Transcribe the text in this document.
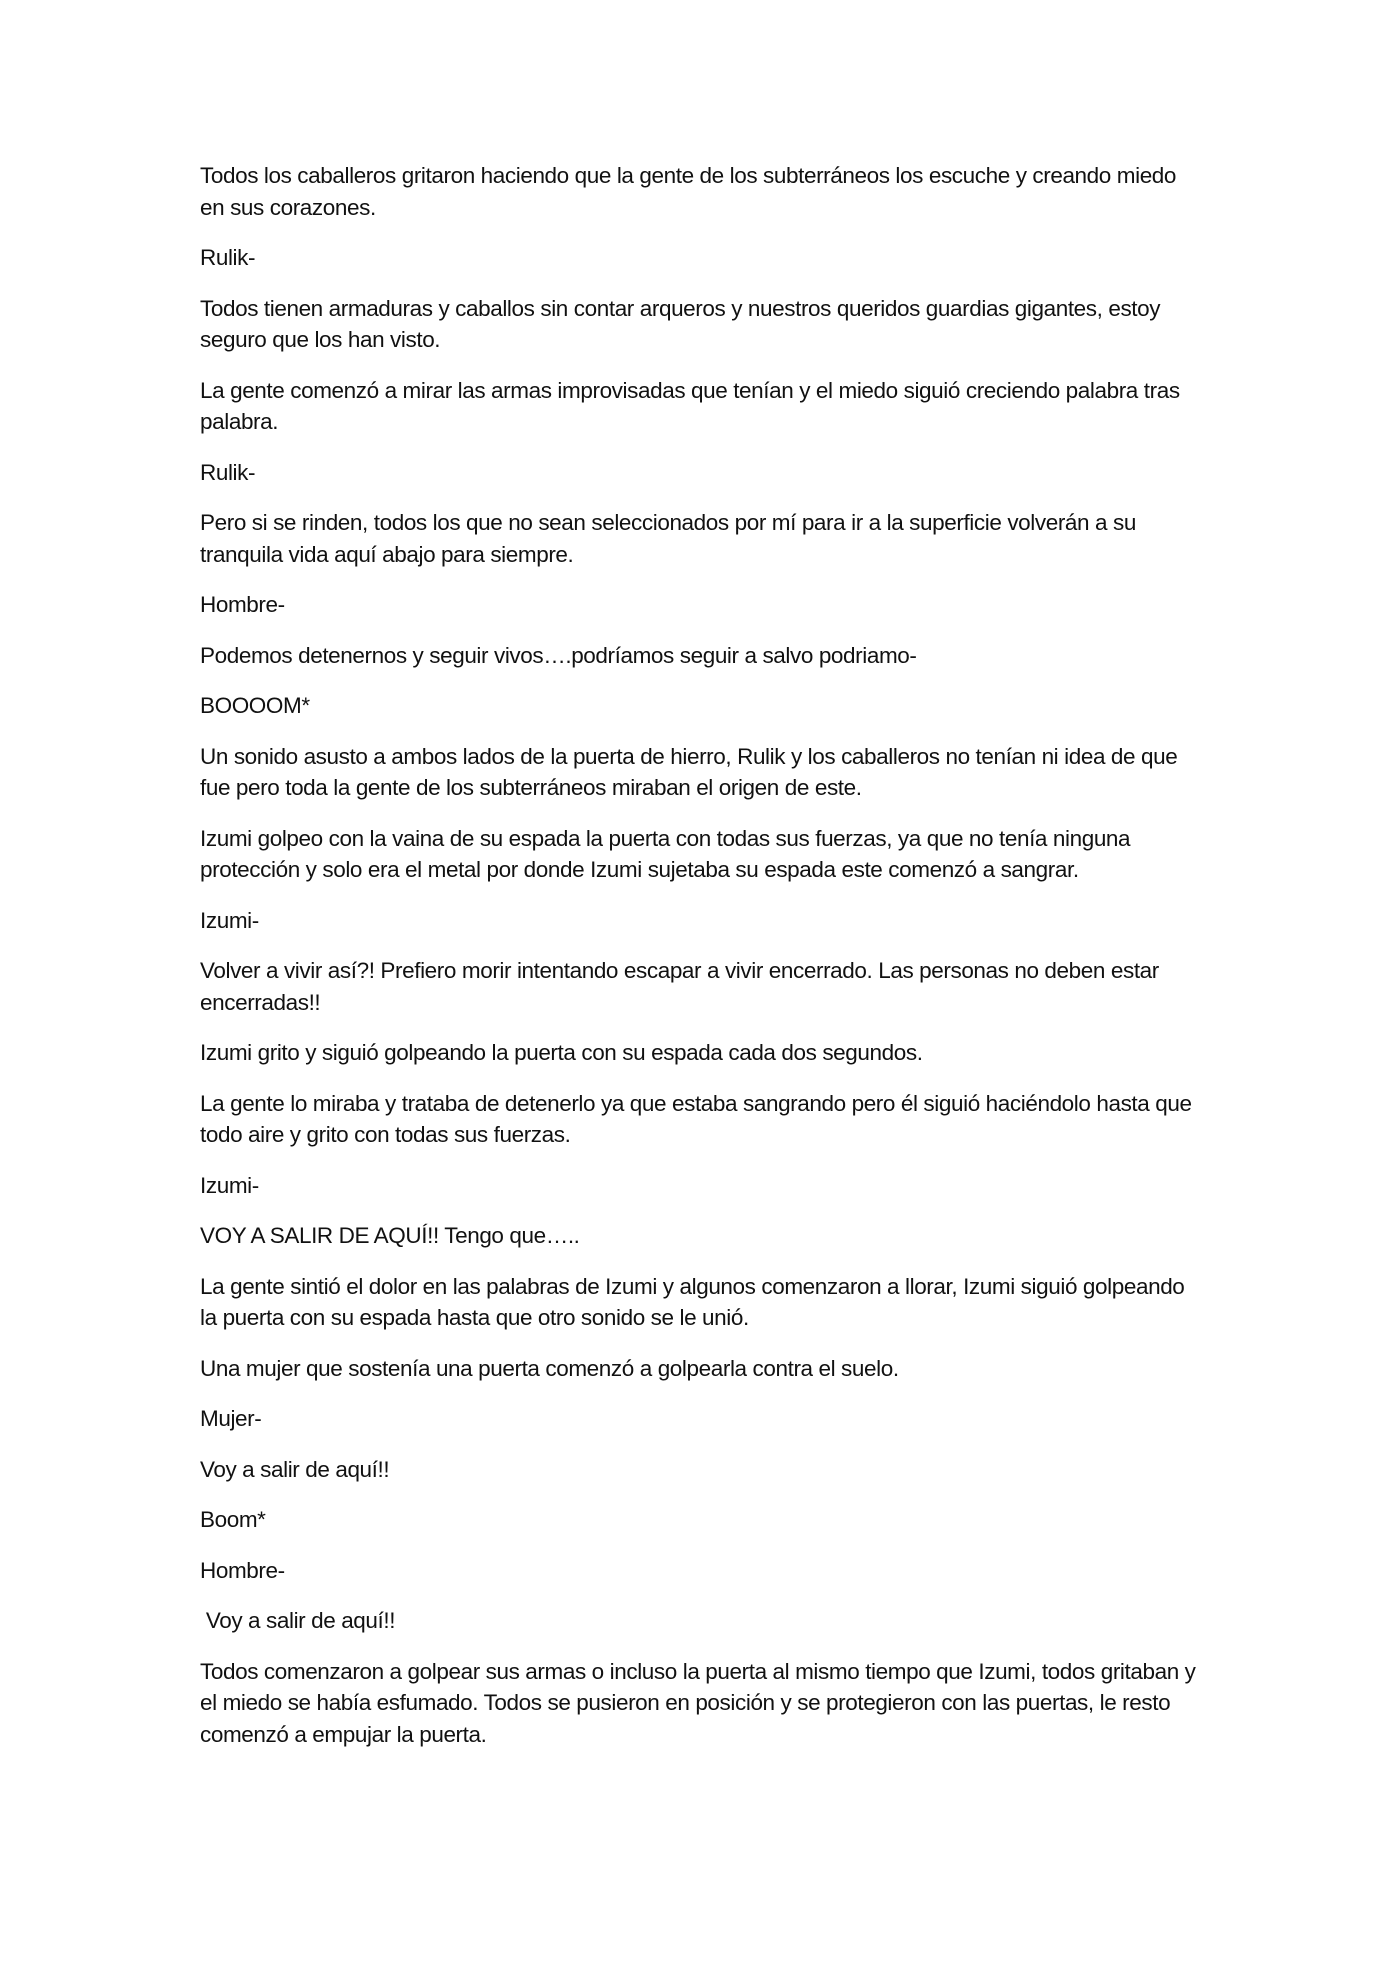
Todos los caballeros gritaron haciendo que la gente de los subterráneos los escuche y creando miedo en sus corazones.

Rulik-

Todos tienen armaduras y caballos sin contar arqueros y nuestros queridos guardias gigantes, estoy seguro que los han visto.

La gente comenzó a mirar las armas improvisadas que tenían y el miedo siguió creciendo palabra tras palabra.

Rulik-

Pero si se rinden, todos los que no sean seleccionados por mí para ir a la superficie volverán a su tranquila vida aquí abajo para siempre.

Hombre-

Podemos detenernos y seguir vivos….podríamos seguir a salvo podriamo-

BOOOOM*

Un sonido asusto a ambos lados de la puerta de hierro, Rulik y los caballeros no tenían ni idea de que fue pero toda la gente de los subterráneos miraban el origen de este.

Izumi golpeo con la vaina de su espada la puerta con todas sus fuerzas, ya que no tenía ninguna protección y solo era el metal por donde Izumi sujetaba su espada este comenzó a sangrar.

Izumi-

Volver a vivir así?! Prefiero morir intentando escapar a vivir encerrado. Las personas no deben estar encerradas!!

Izumi grito y siguió golpeando la puerta con su espada cada dos segundos.

La gente lo miraba y trataba de detenerlo ya que estaba sangrando pero él siguió haciéndolo hasta que todo aire y grito con todas sus fuerzas.

Izumi-

VOY A SALIR DE AQUÍ!! Tengo que…..

La gente sintió el dolor en las palabras de Izumi y algunos comenzaron a llorar, Izumi siguió golpeando la puerta con su espada hasta que otro sonido se le unió.

Una mujer que sostenía una puerta comenzó a golpearla contra el suelo.

Mujer-

Voy a salir de aquí!!

Boom*

Hombre-

Voy a salir de aquí!!

Todos comenzaron a golpear sus armas o incluso la puerta al mismo tiempo que Izumi, todos gritaban y el miedo se había esfumado. Todos se pusieron en posición y se protegieron con las puertas, le resto comenzó a empujar la puerta.
